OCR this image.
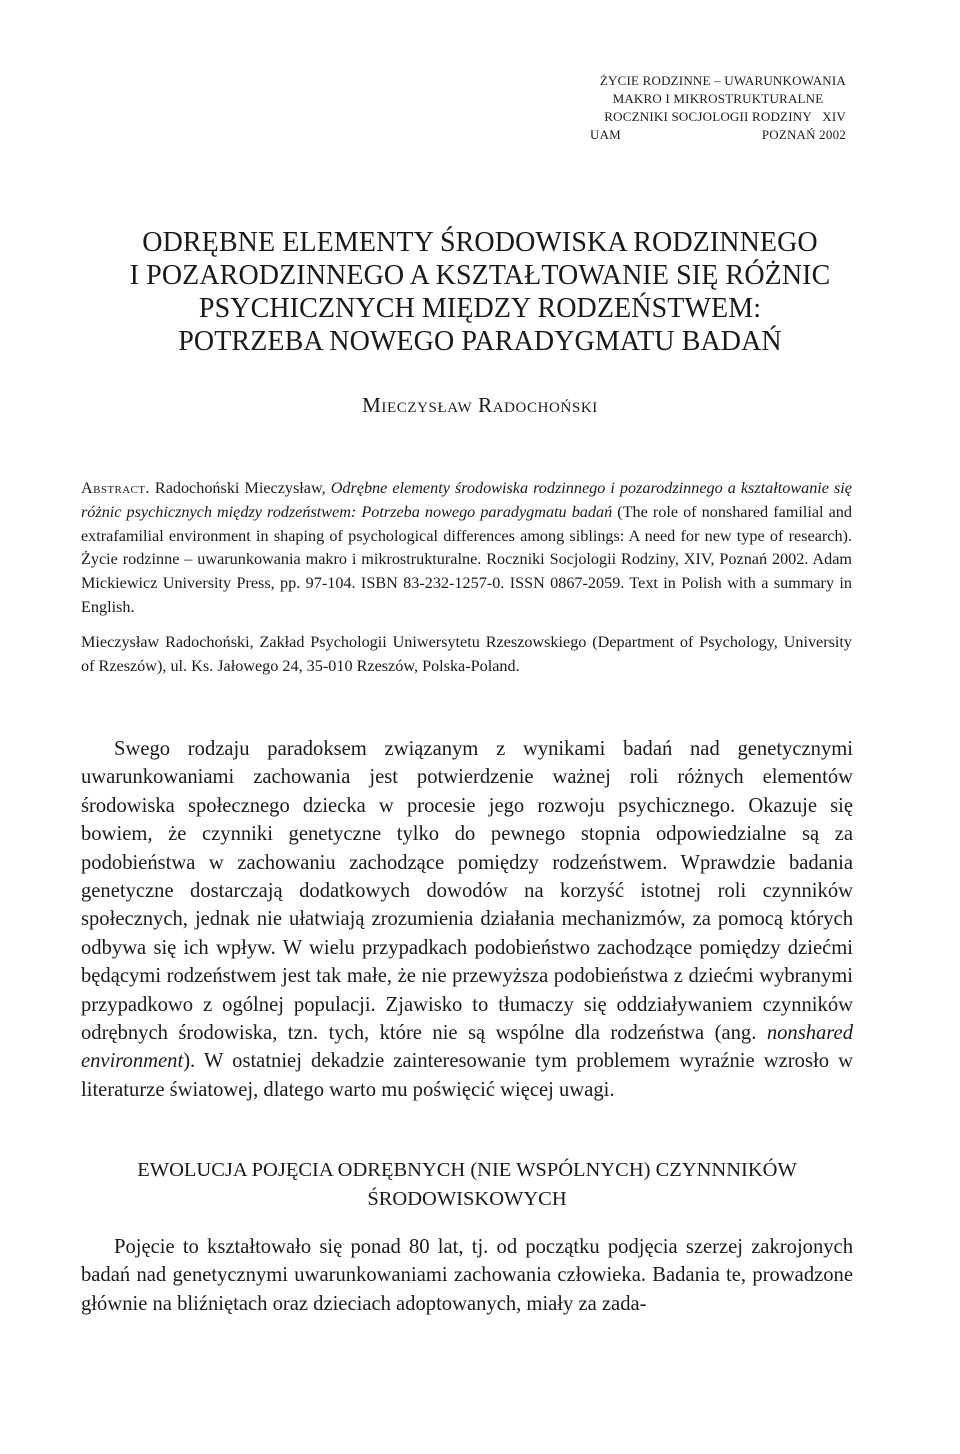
ŻYCIE RODZINNE – UWARUNKOWANIA
MAKRO I MIKROSTRUKTURALNE
ROCZNIKI SOCJOLOGII RODZINY XIV
UAM	POZNAŃ 2002
ODRĘBNE ELEMENTY ŚRODOWISKA RODZINNEGO
I POZARODZINNEGO A KSZTAŁTOWANIE SIĘ RÓŻNIC
PSYCHICZNYCH MIĘDZY RODZEŃSTWEM:
POTRZEBA NOWEGO PARADYGMATU BADAŃ
Mieczysław Radochoński
Abstract. Radochoński Mieczysław, Odrębne elementy środowiska rodzinnego i pozarodzinnego a kształtowanie się różnic psychicznych między rodzeństwem: Potrzeba nowego paradygmatu badań (The role of nonshared familial and extrafamilial environment in shaping of psychological differences among siblings: A need for new type of research). Życie rodzinne – uwarunkowania makro i mikrostrukturalne. Roczniki Socjologii Rodziny, XIV, Poznań 2002. Adam Mickiewicz University Press, pp. 97-104. ISBN 83-232-1257-0. ISSN 0867-2059. Text in Polish with a summary in English.
Mieczysław Radochoński, Zakład Psychologii Uniwersytetu Rzeszowskiego (Department of Psychology, University of Rzeszów), ul. Ks. Jałowego 24, 35-010 Rzeszów, Polska-Poland.
Swego rodzaju paradoksem związanym z wynikami badań nad genetycznymi uwarunkowaniami zachowania jest potwierdzenie ważnej roli różnych elementów środowiska społecznego dziecka w procesie jego rozwoju psychicznego. Okazuje się bowiem, że czynniki genetyczne tylko do pewnego stopnia odpowiedzialne są za podobieństwa w zachowaniu zachodzące pomiędzy rodzeństwem. Wprawdzie badania genetyczne dostarczają dodatkowych dowodów na korzyść istotnej roli czynników społecznych, jednak nie ułatwiają zrozumienia działania mechanizmów, za pomocą których odbywa się ich wpływ. W wielu przypadkach podobieństwo zachodzące pomiędzy dziećmi będącymi rodzeństwem jest tak małe, że nie przewyższa podobieństwa z dziećmi wybranymi przypadkowo z ogólnej populacji. Zjawisko to tłumaczy się oddziaływaniem czynników odrębnych środowiska, tzn. tych, które nie są wspólne dla rodzeństwa (ang. nonshared environment). W ostatniej dekadzie zainteresowanie tym problemem wyraźnie wzrosło w literaturze światowej, dlatego warto mu poświęcić więcej uwagi.
EWOLUCJA POJĘCIA ODRĘBNYCH (NIE WSPÓLNYCH) CZYNNNIKÓW
ŚRODOWISKOWYCH
Pojęcie to kształtowało się ponad 80 lat, tj. od początku podjęcia szerzej zakrojonych badań nad genetycznymi uwarunkowaniami zachowania człowieka. Badania te, prowadzone głównie na bliźniętach oraz dzieciach adoptowanych, miały za zada-
